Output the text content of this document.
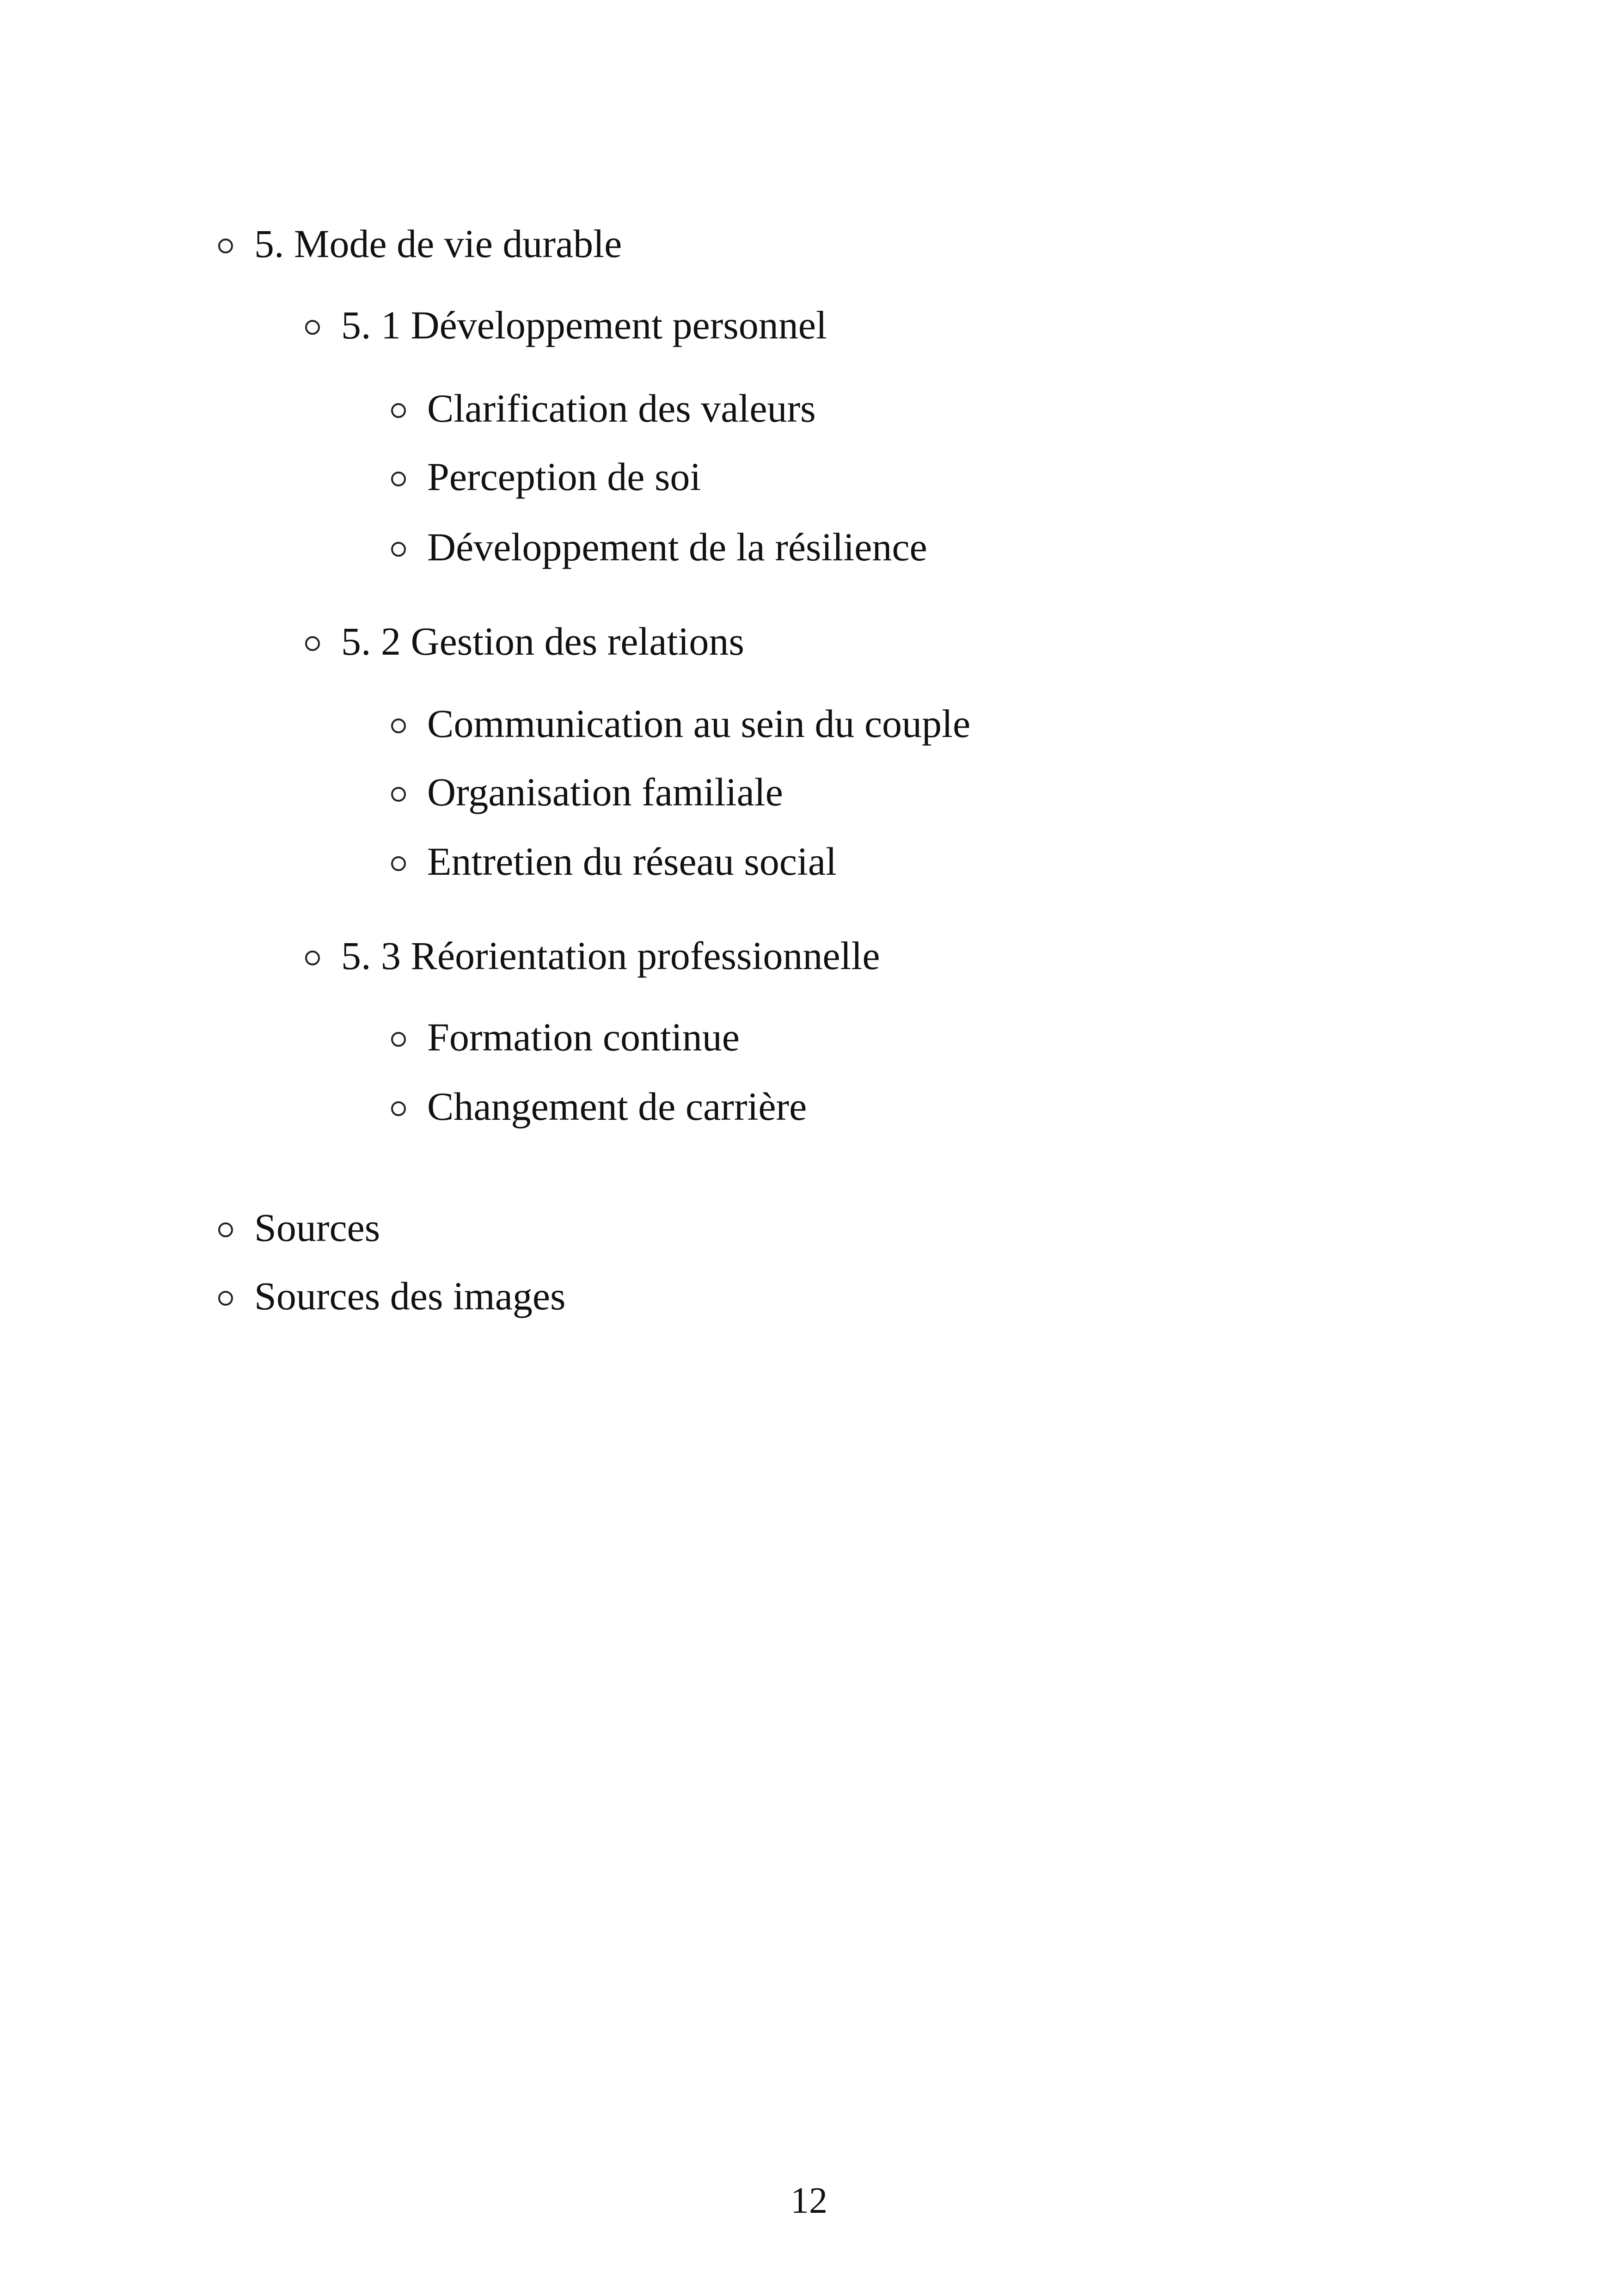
5. Mode de vie durable
5. 1 Développement personnel
Clarification des valeurs
Perception de soi
Développement de la résilience
5. 2 Gestion des relations
Communication au sein du couple
Organisation familiale
Entretien du réseau social
5. 3 Réorientation professionnelle
Formation continue
Changement de carrière
Sources
Sources des images
12
